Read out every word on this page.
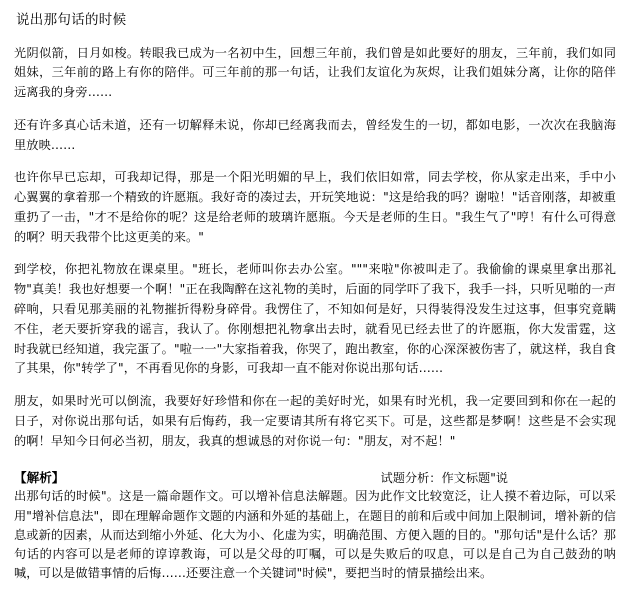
说出那句话的时候

光阴似箭，日月如梭。转眼我已成为一名初中生，回想三年前，我们曾是如此要好的朋友，三年前，我们如同姐妹，三年前的路上有你的陪伴。可三年前的那一句话，让我们友谊化为灰烬，让我们姐妹分离，让你的陪伴远离我的身旁……

还有许多真心话未道，还有一切解释未说，你却已经离我而去，曾经发生的一切，都如电影，一次次在我脑海里放映……

也许你早已忘却，可我却记得，那是一个阳光明媚的早上，我们依旧如常，同去学校，你从家走出来，手中小心翼翼的拿着那一个精致的许愿瓶。我好奇的凑过去，开玩笑地说："这是给我的吗？谢啦！"话音刚落，却被重重扔了一击，"才不是给你的呢？这是给老师的玻璃许愿瓶。今天是老师的生日。"我生气了"哼！有什么可得意的啊？明天我带个比这更美的来。"

到学校，你把礼物放在课桌里。"班长，老师叫你去办公室。"""来啦"你被叫走了。我偷偷的课桌里拿出那礼物"真美！我也好想要一个啊！"正在我陶醉在这礼物的美时，后面的同学吓了我下，我手一抖，只听见啪的一声碎响，只看见那美丽的礼物摧折得粉身碎骨。我愣住了，不知如何是好，只得装得没发生过这事，但事究竟瞒不住，老天要折穿我的谣言，我认了。你刚想把礼物拿出去时，就看见已经去世了的许愿瓶，你大发雷霆，这时我就已经知道，我完蛋了。"啦一一"大家指着我，你哭了，跑出教室，你的心深深被伤害了，就这样，我自食了其果，你"转学了"，不再看见你的身影，可我却一直不能对你说出那句话……

朋友，如果时光可以倒流，我要好好珍惜和你在一起的美好时光，如果有时光机，我一定要回到和你在一起的日子，对你说出那句话，如果有后悔药，我一定要请其所有将它买下。可是，这些都是梦啊！这些是不会实现的啊！早知今日何必当初，朋友，我真的想诚恳的对你说一句："朋友，对不起！"

【解析】	试题分析：作文标题"说
出那句话的时候"。这是一篇命题作文。可以增补信息法解题。因为此作文比较宽泛，让人摸不着边际，可以采用"增补信息法"，即在理解命题作文题的内涵和外延的基础上，在题目的前和后或中间加上限制词，增补新的信息或新的因素，从而达到缩小外延、化大为小、化虚为实，明确范围、方便入题的目的。"那句话"是什么话？那句话的内容可以是老师的谆谆教诲，可以是父母的叮嘱，可以是失败后的叹息，可以是自己为自己鼓劲的呐喊，可以是做错事情的后悔……还要注意一个关键词"时候"，要把当时的情景描绘出来。
